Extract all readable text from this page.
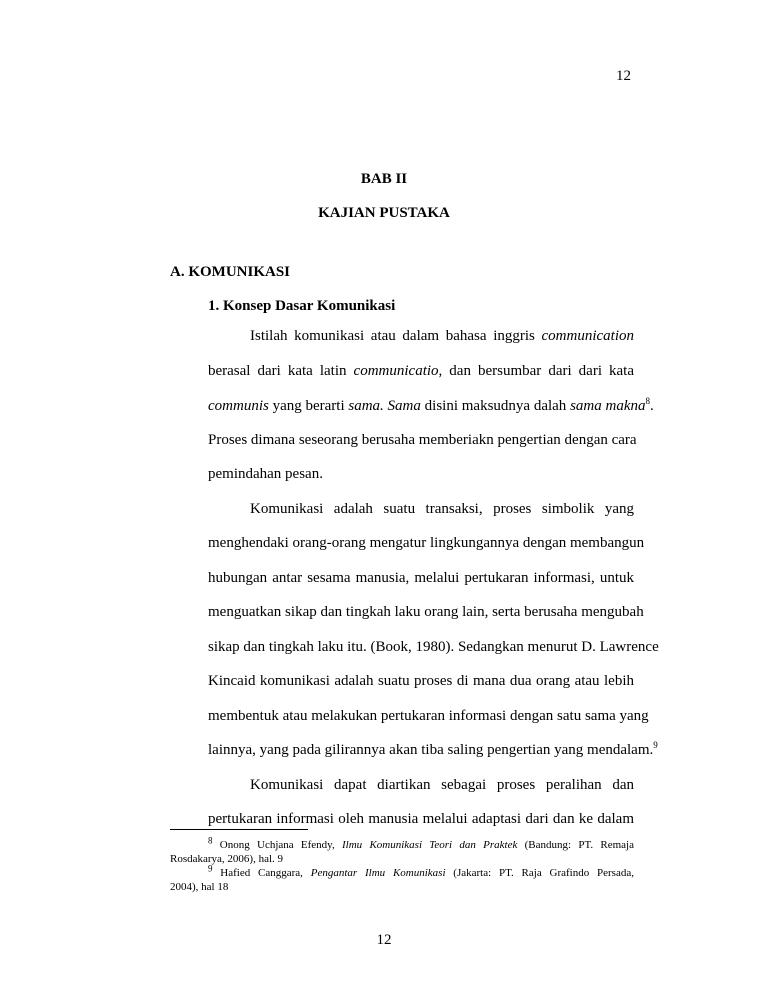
12
BAB II
KAJIAN PUSTAKA
A. KOMUNIKASI
1. Konsep Dasar Komunikasi
Istilah komunikasi atau dalam bahasa inggris communication
berasal dari kata latin communicatio, dan bersumbar dari dari kata
communis yang berarti sama. Sama disini maksudnya dalah sama makna$^8$.
Proses dimana seseorang berusaha memberiakn pengertian dengan cara
pemindahan pesan.
Komunikasi adalah suatu transaksi, proses simbolik yang
menghendaki orang-orang mengatur lingkungannya dengan membangun
hubungan antar sesama manusia, melalui pertukaran informasi, untuk
menguatkan sikap dan tingkah laku orang lain, serta berusaha mengubah
sikap dan tingkah laku itu. (Book, 1980). Sedangkan menurut D. Lawrence
Kincaid komunikasi adalah suatu proses di mana dua orang atau lebih
membentuk atau melakukan pertukaran informasi dengan satu sama yang
lainnya, yang pada gilirannya akan tiba saling pengertian yang mendalam.$^9$
Komunikasi dapat diartikan sebagai proses peralihan dan
pertukaran informasi oleh manusia melalui adaptasi dari dan ke dalam
$^8$ Onong Uchjana Efendy, Ilmu Komunikasi Teori dan Praktek (Bandung: PT. Remaja
Rosdakarya, 2006), hal. 9
$^9$ Hafied Canggara, Pengantar Ilmu Komunikasi (Jakarta: PT. Raja Grafindo Persada,
2004), hal 18
12
